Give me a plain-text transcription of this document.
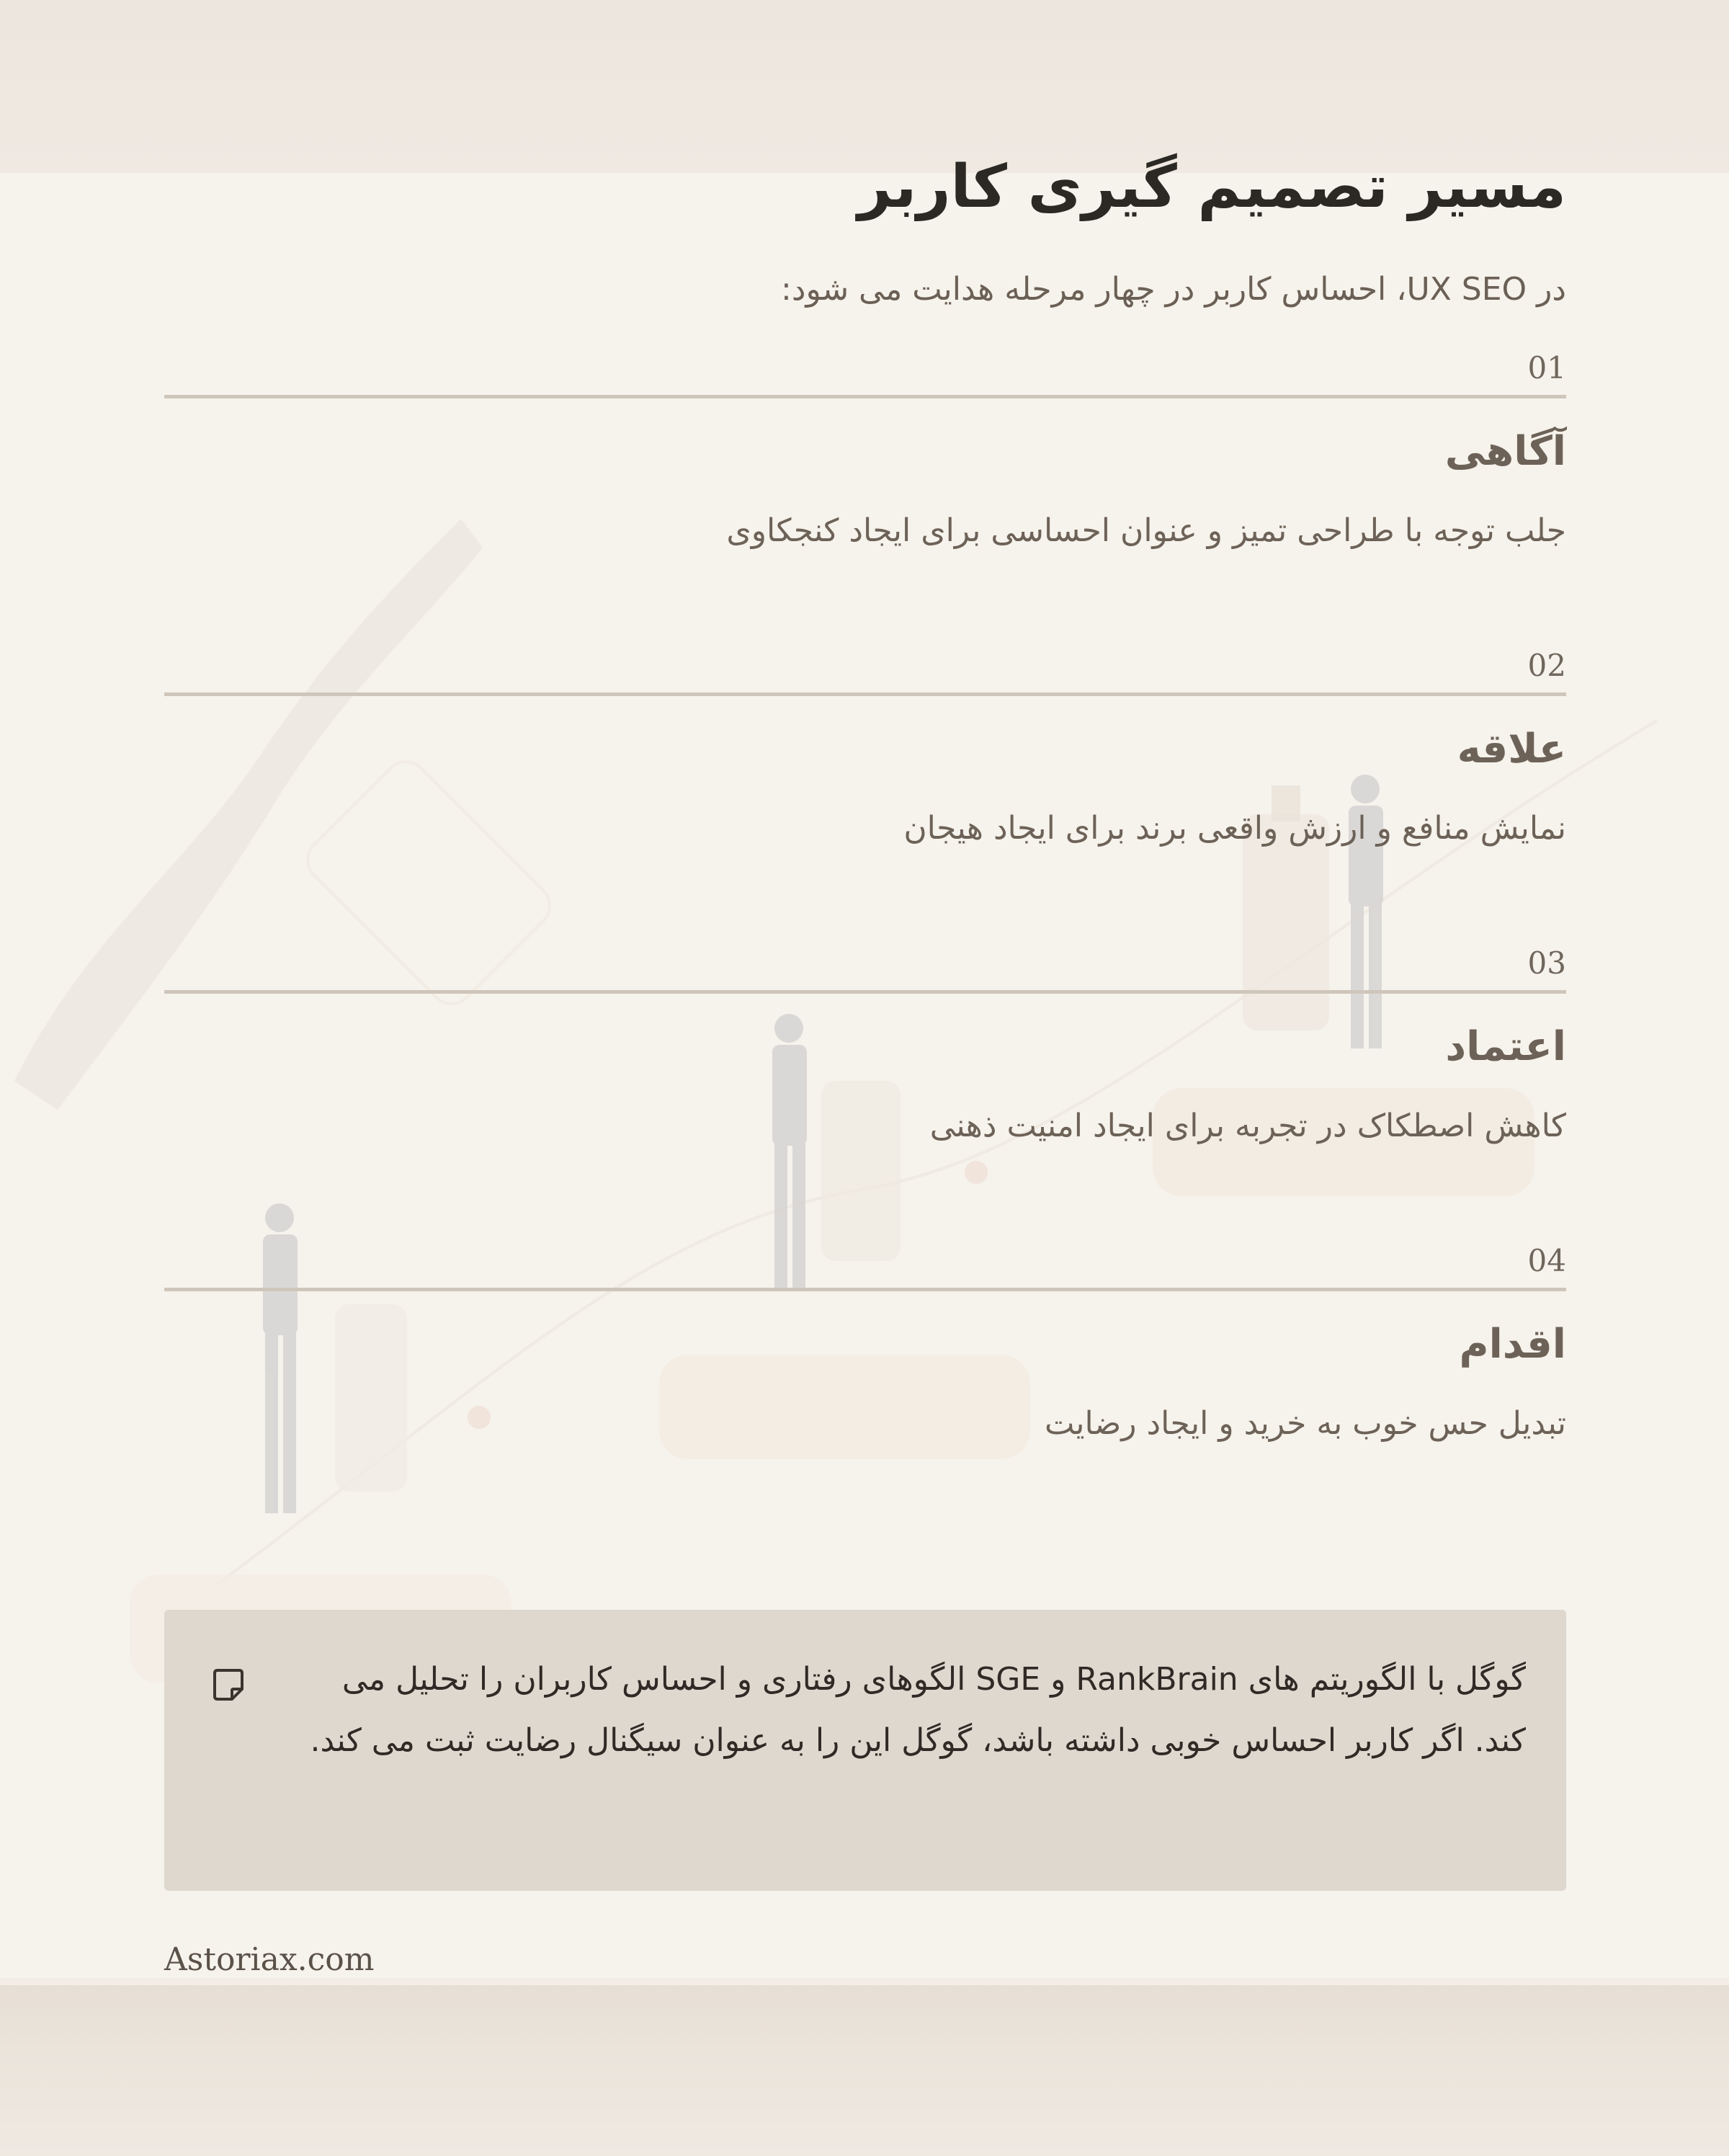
مسیر تصمیم گیری کاربر
در UX SEO، احساس کاربر در چهار مرحله هدایت می شود:
01
آگاهی
جلب توجه با طراحی تمیز و عنوان احساسی برای ایجاد کنجکاوی
02
علاقه
نمایش منافع و ارزش واقعی برند برای ایجاد هیجان
03
اعتماد
کاهش اصطکاک در تجربه برای ایجاد امنیت ذهنی
04
اقدام
تبدیل حس خوب به خرید و ایجاد رضایت
گوگل با الگوریتم های RankBrain و SGE الگوهای رفتاری و احساس کاربران را تحلیل می کند. اگر کاربر احساس خوبی داشته باشد، گوگل این را به عنوان سیگنال رضایت ثبت می کند.
Astoriax.com
